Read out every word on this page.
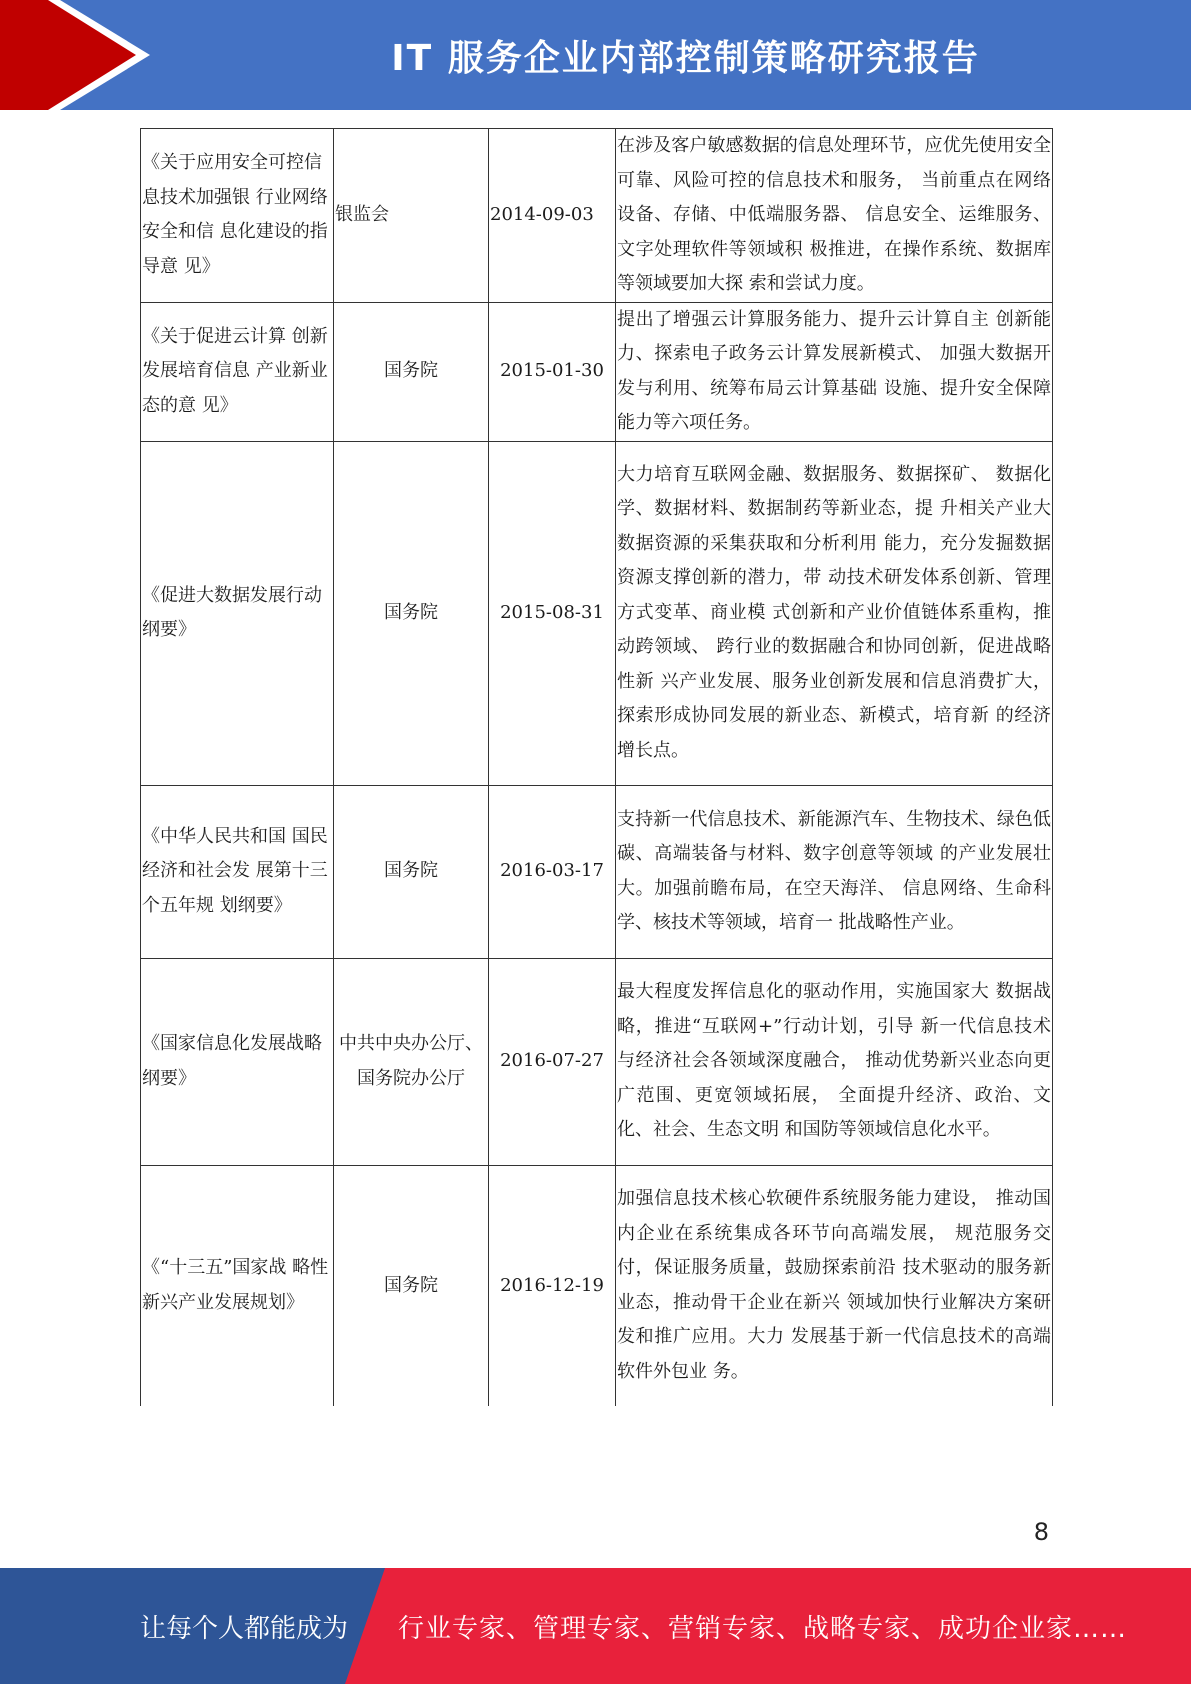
IT 服务企业内部控制策略研究报告
《关于应用安全可控信息技术加强银 行业网络安全和信 息化建设的指导意 见》	银监会	2014-09-03	在涉及客户敏感数据的信息处理环节，应优先使用安全可靠、风险可控的信息技术和服务， 当前重点在网络设备、存储、中低端服务器、 信息安全、运维服务、文字处理软件等领域积 极推进，在操作系统、数据库等领域要加大探 索和尝试力度。
《关于促进云计算 创新发展培育信息 产业新业态的意 见》	国务院	2015-01-30	提出了增强云计算服务能力、提升云计算自主 创新能力、探索电子政务云计算发展新模式、 加强大数据开发与利用、统筹布局云计算基础 设施、提升安全保障能力等六项任务。
《促进大数据发展行动纲要》	国务院	2015-08-31	大力培育互联网金融、数据服务、数据探矿、 数据化学、数据材料、数据制药等新业态，提 升相关产业大数据资源的采集获取和分析利用 能力，充分发掘数据资源支撑创新的潜力，带 动技术研发体系创新、管理方式变革、商业模 式创新和产业价值链体系重构，推动跨领域、 跨行业的数据融合和协同创新，促进战略性新 兴产业发展、服务业创新发展和信息消费扩大， 探索形成协同发展的新业态、新模式，培育新 的经济增长点。
《中华人民共和国 国民经济和社会发 展第十三个五年规 划纲要》	国务院	2016-03-17	支持新一代信息技术、新能源汽车、生物技术、绿色低碳、高端装备与材料、数字创意等领域 的产业发展壮大。加强前瞻布局，在空天海洋、 信息网络、生命科学、核技术等领域，培育一 批战略性产业。
《国家信息化发展战略纲要》	中共中央办公厅、国务院办公厅	2016-07-27	最大程度发挥信息化的驱动作用，实施国家大 数据战略，推进“互联网+”行动计划，引导 新一代信息技术与经济社会各领域深度融合， 推动优势新兴业态向更广范围、更宽领域拓展， 全面提升经济、政治、文化、社会、生态文明 和国防等领域信息化水平。
《“十三五”国家战 略性新兴产业发展规划》	国务院	2016-12-19	加强信息技术核心软硬件系统服务能力建设， 推动国内企业在系统集成各环节向高端发展， 规范服务交付，保证服务质量，鼓励探索前沿 技术驱动的服务新业态，推动骨干企业在新兴 领域加快行业解决方案研发和推广应用。大力 发展基于新一代信息技术的高端软件外包业 务。
8
让每个人都能成为 行业专家、管理专家、营销专家、战略专家、成功企业家……
